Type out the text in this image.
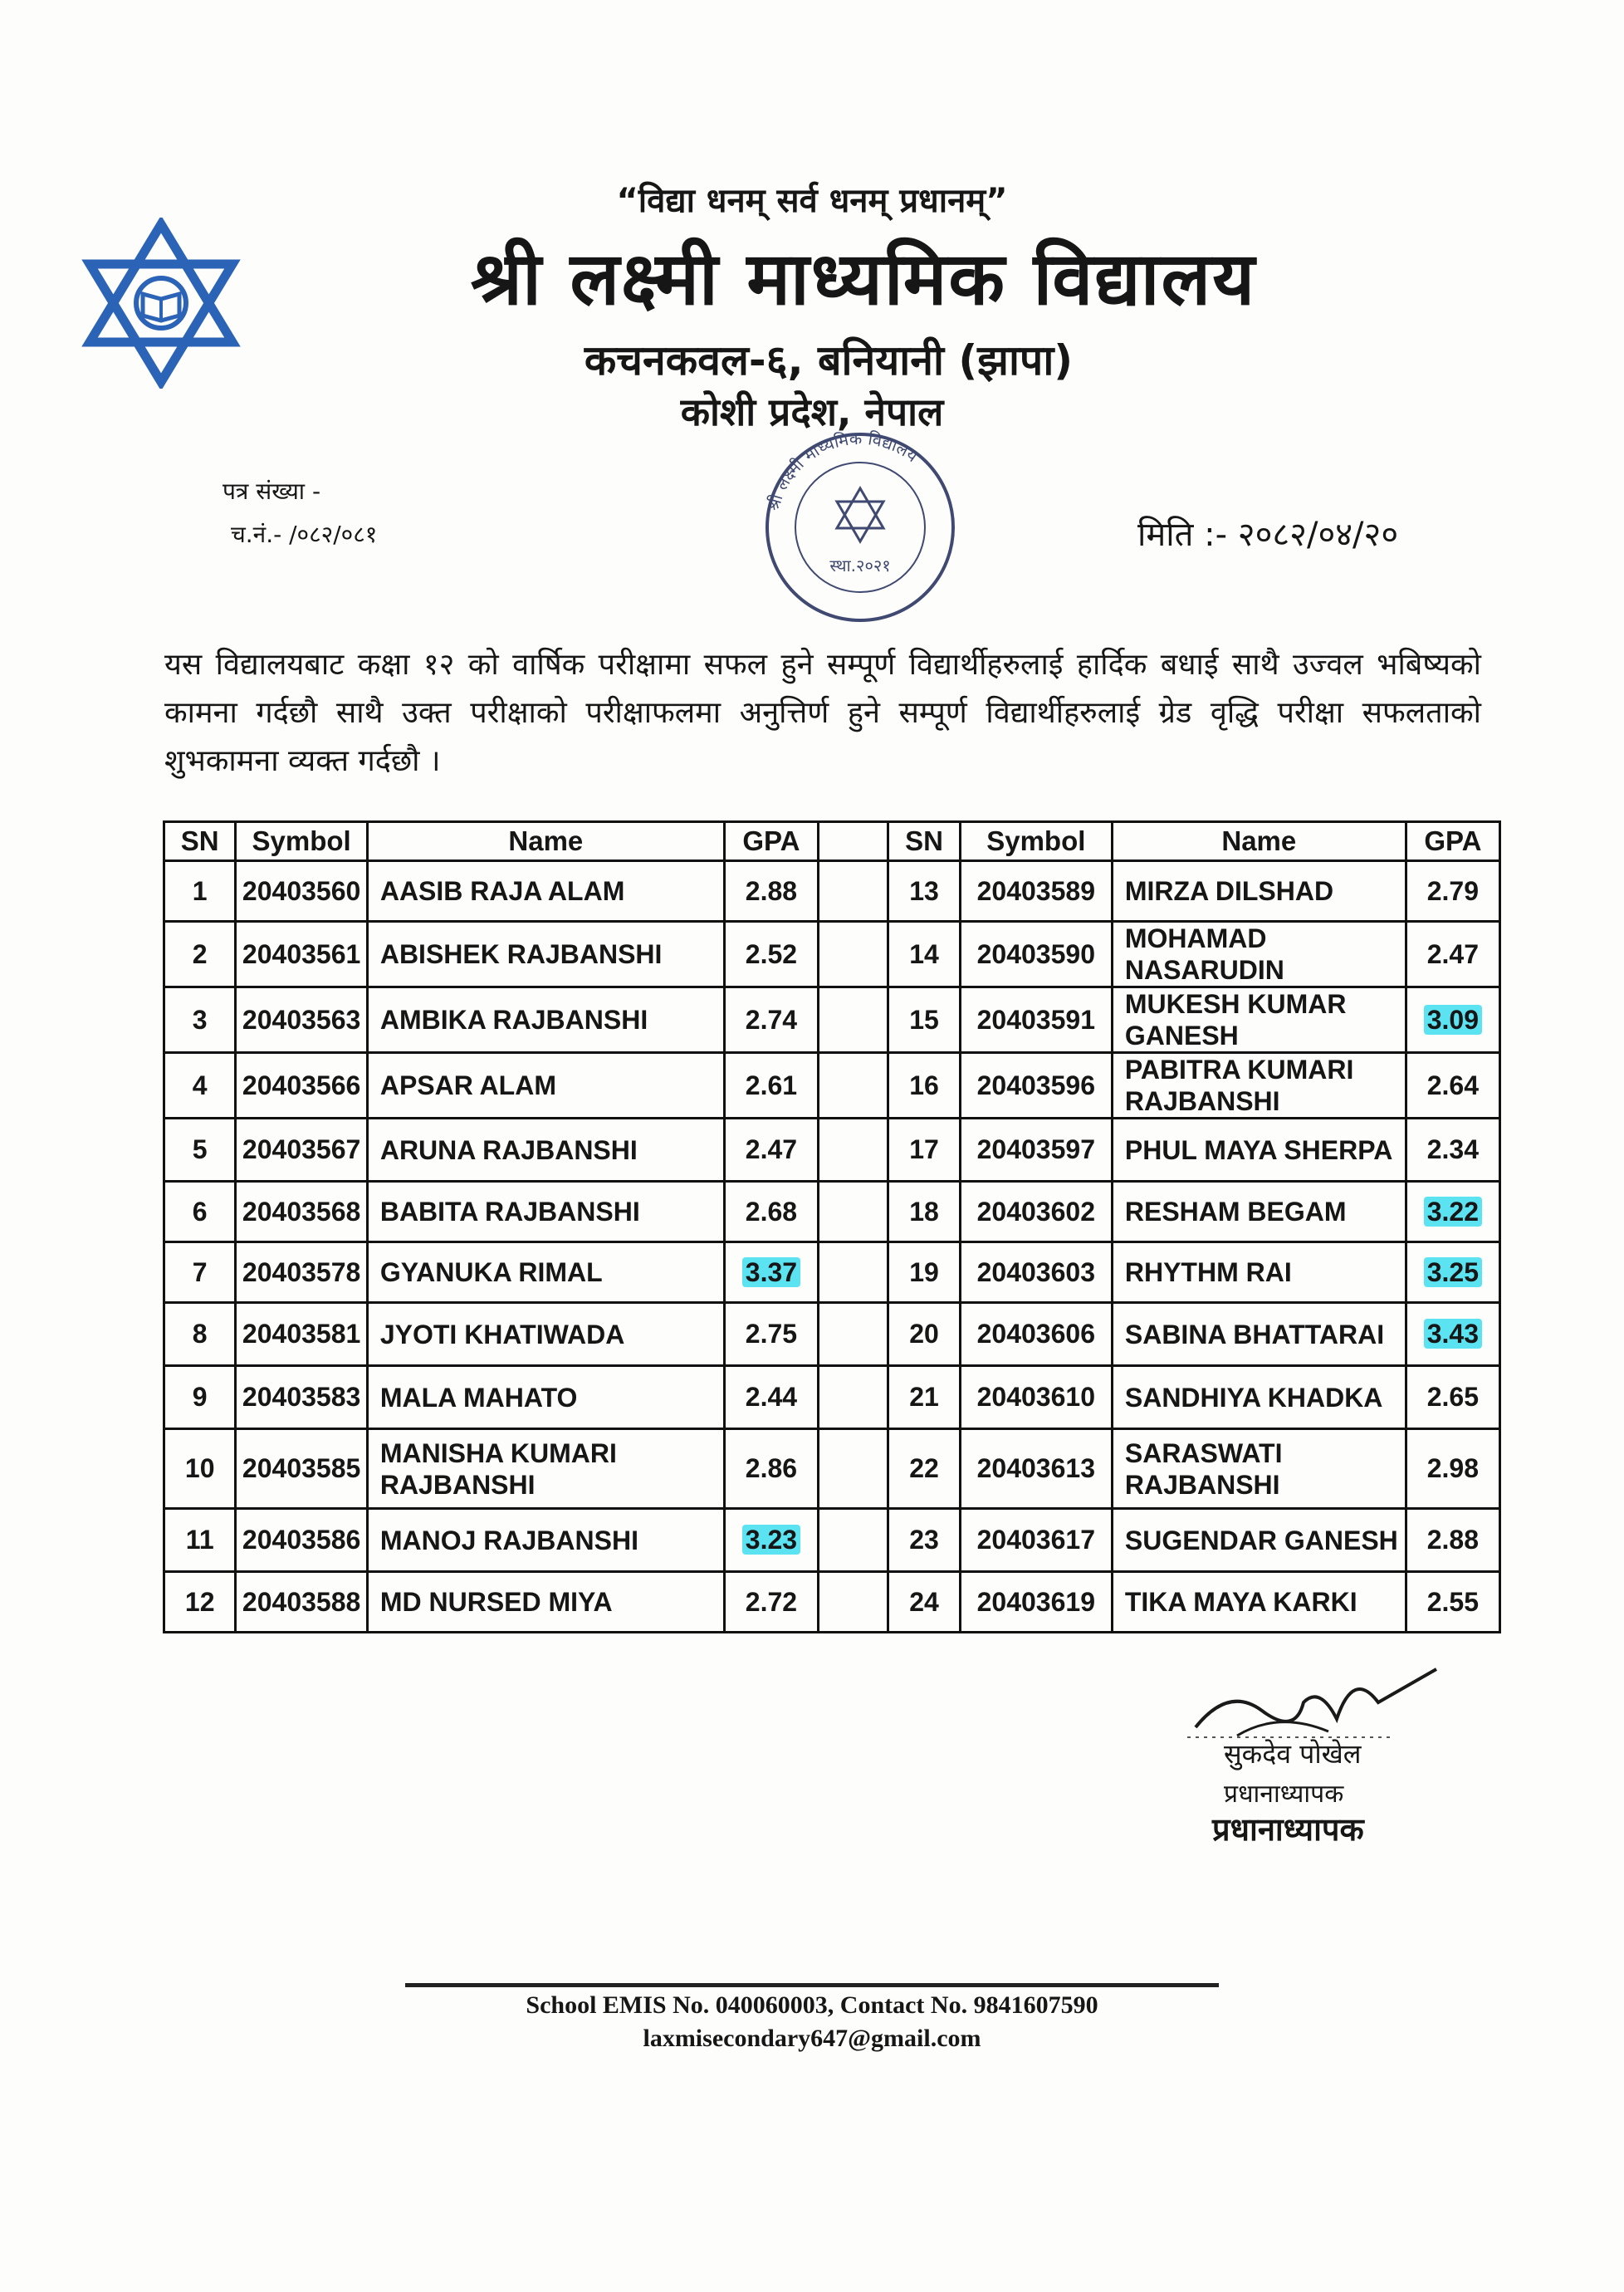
“विद्या धनम् सर्व धनम् प्रधानम्”
श्री लक्ष्मी माध्यमिक विद्यालय
कचनकवल-६, बनियानी (झापा)
कोशी प्रदेश, नेपाल
पत्र संख्या -
च.नं.- /०८२/०८१	मिति :- २०८२/०४/२०
श्री लक्ष्मी माध्यमिक विद्यालय
स्था.२०२१
यस विद्यालयबाट कक्षा १२ को वार्षिक परीक्षामा सफल हुने सम्पूर्ण विद्यार्थीहरुलाई हार्दिक बधाई साथै उज्वल भबिष्यको कामना गर्दछौ साथै उक्त परीक्षाको परीक्षाफलमा अनुत्तिर्ण हुने सम्पूर्ण विद्यार्थीहरुलाई ग्रेड वृद्धि परीक्षा सफलताको शुभकामना व्यक्त गर्दछौ ।
SN	Symbol	Name	GPA		SN	Symbol	Name	GPA
1	20403560	AASIB RAJA ALAM	2.88		13	20403589	MIRZA DILSHAD	2.79
2	20403561	ABISHEK RAJBANSHI	2.52		14	20403590	MOHAMAD NASARUDIN	2.47
3	20403563	AMBIKA RAJBANSHI	2.74		15	20403591	MUKESH KUMAR GANESH	3.09
4	20403566	APSAR ALAM	2.61		16	20403596	PABITRA KUMARI RAJBANSHI	2.64
5	20403567	ARUNA RAJBANSHI	2.47		17	20403597	PHUL MAYA SHERPA	2.34
6	20403568	BABITA RAJBANSHI	2.68		18	20403602	RESHAM BEGAM	3.22
7	20403578	GYANUKA RIMAL	3.37		19	20403603	RHYTHM RAI	3.25
8	20403581	JYOTI KHATIWADA	2.75		20	20403606	SABINA BHATTARAI	3.43
9	20403583	MALA MAHATO	2.44		21	20403610	SANDHIYA KHADKA	2.65
10	20403585	MANISHA KUMARI RAJBANSHI	2.86		22	20403613	SARASWATI RAJBANSHI	2.98
11	20403586	MANOJ RAJBANSHI	3.23		23	20403617	SUGENDAR GANESH	2.88
12	20403588	MD NURSED MIYA	2.72		24	20403619	TIKA MAYA KARKI	2.55
सुकदेव पोखेल
प्रधानाध्यापक
प्रधानाध्यापक
School EMIS No. 040060003, Contact No. 9841607590
laxmisecondary647@gmail.com
